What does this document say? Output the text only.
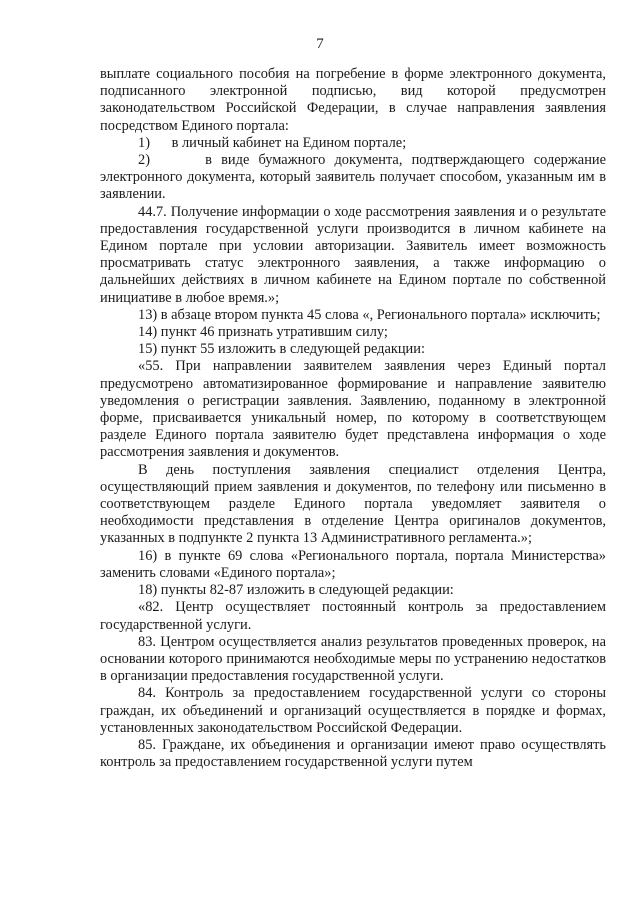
7

выплате социального пособия на погребение в форме электронного документа, подписанного электронной подписью, вид которой предусмотрен законодательством Российской Федерации, в случае направления заявления посредством Единого портала:

1)      в личный кабинет на Едином портале;

2)      в виде бумажного документа, подтверждающего содержание электронного документа, который заявитель получает способом, указанным им в заявлении.

44.7. Получение информации о ходе рассмотрения заявления и о результате предоставления государственной услуги производится в личном кабинете на Едином портале при условии авторизации. Заявитель имеет возможность просматривать статус электронного заявления, а также информацию о дальнейших действиях в личном кабинете на Едином портале по собственной инициативе в любое время.»;

13) в абзаце втором пункта 45 слова «, Регионального портала» исключить;

14) пункт 46 признать утратившим силу;

15) пункт 55 изложить в следующей редакции:

«55. При направлении заявителем заявления через Единый портал предусмотрено автоматизированное формирование и направление заявителю уведомления о регистрации заявления. Заявлению, поданному в электронной форме, присваивается уникальный номер, по которому в соответствующем разделе Единого портала заявителю будет представлена информация о ходе рассмотрения заявления и документов.

В день поступления заявления специалист отделения Центра, осуществляющий прием заявления и документов, по телефону или письменно в соответствующем разделе Единого портала уведомляет заявителя о необходимости представления в отделение Центра оригиналов документов, указанных в подпункте 2 пункта 13 Административного регламента.»;

16) в пункте 69 слова «Регионального портала, портала Министерства» заменить словами «Единого портала»;

18) пункты 82-87 изложить в следующей редакции:

«82. Центр осуществляет постоянный контроль за предоставлением государственной услуги.

83. Центром осуществляется анализ результатов проведенных проверок, на основании которого принимаются необходимые меры по устранению недостатков в организации предоставления государственной услуги.

84. Контроль за предоставлением государственной услуги со стороны граждан, их объединений и организаций осуществляется в порядке и формах, установленных законодательством Российской Федерации.

85. Граждане, их объединения и организации имеют право осуществлять контроль за предоставлением государственной услуги путем
